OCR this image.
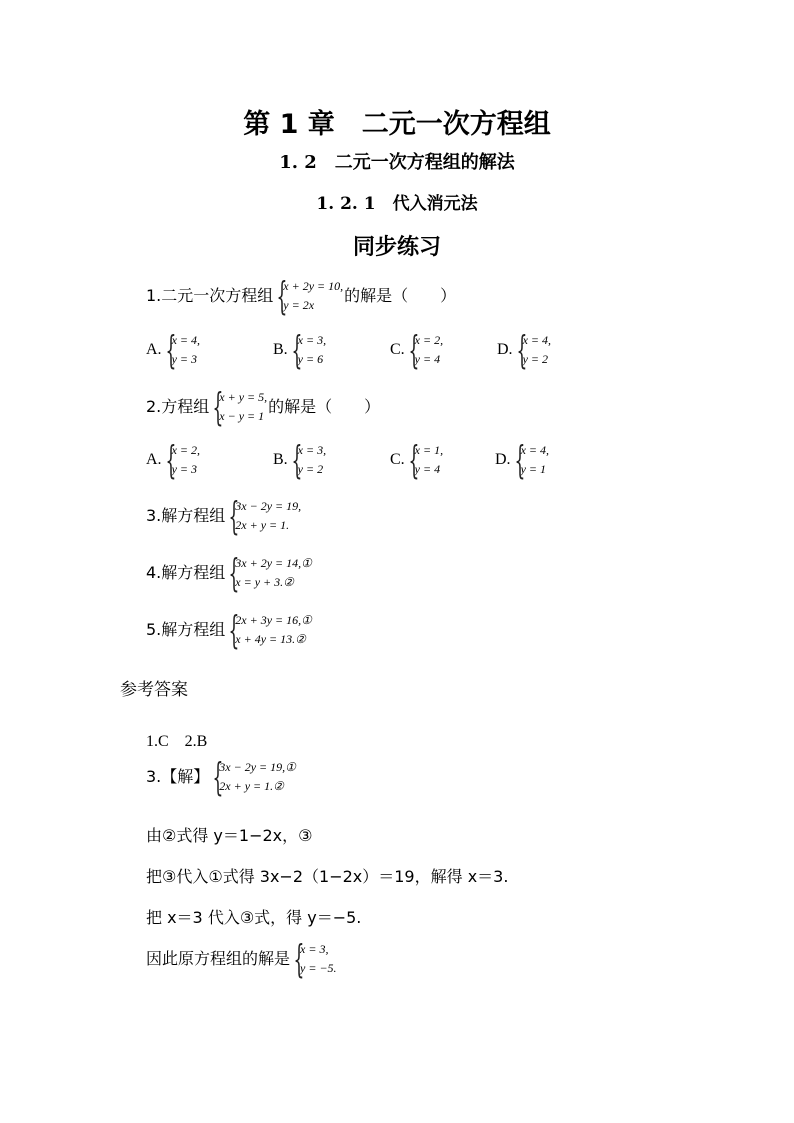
第 1 章　二元一次方程组
1. 2　二元一次方程组的解法
1. 2. 1　代入消元法
同步练习
1.二元一次方程组 {
x + 2y = 10,
y = 2x	的解是（　　）
A. {
x = 4,
y = 3
B. {
x = 3,
y = 6
C. {
x = 2,
y = 4
D. {
x = 4,
y = 2
2.方程组 {
x + y = 5,
x − y = 1 的解是（　　）
A. {
x = 2,
y = 3
B. {
x = 3,
y = 2
C. {
x = 1,
y = 4
D. {
x = 4,
y = 1
3.解方程组 {
3x − 2y = 19,
2x + y = 1.
4.解方程组 {
3x + 2y = 14,①
x = y + 3.②
5.解方程组 {
2x + 3y = 16,①
x + 4y = 13.②
参考答案
1.C　2.B
3.【解】 {
3x − 2y = 19,①
2x + y = 1.②
由②式得 y＝1−2x，③
把③代入①式得 3x−2（1−2x）＝19，解得 x＝3.
把 x＝3 代入③式，得 y＝−5.
因此原方程组的解是 {
x = 3,
y = −5.
